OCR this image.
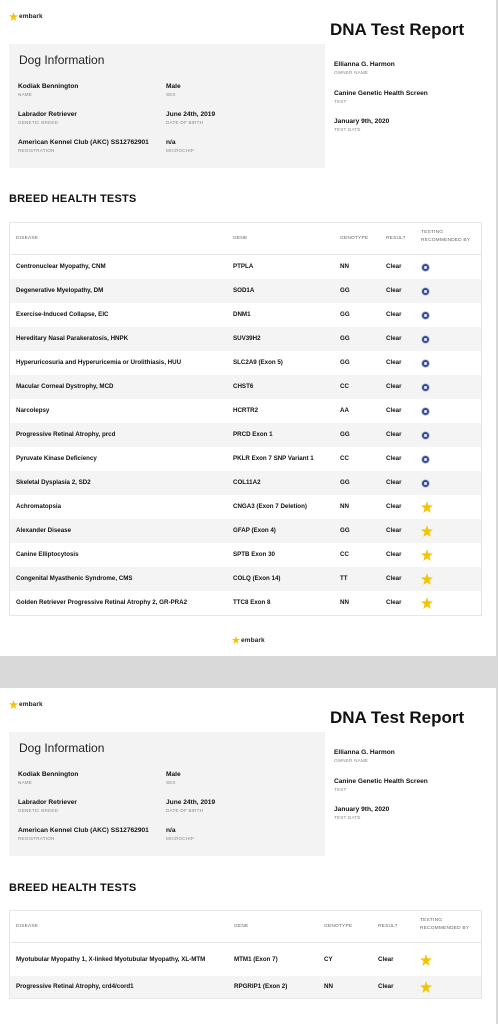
embark
DNA Test Report
Dog Information
Kodiak Bennington
NAME
Male
SEX
Labrador Retriever
GENETIC BREED
June 24th, 2019
DATE OF BIRTH
American Kennel Club (AKC) SS12762901
REGISTRATION
n/a
MICROCHIP
Ellianna G. Harmon
OWNER NAME
Canine Genetic Health Screen
TEST
January 9th, 2020
TEST DATE
BREED HEALTH TESTS
DISEASE	GENE	GENOTYPE	RESULT
TESTING
RECOMMENDED BY
Centronuclear Myopathy, CNM	PTPLA	NN	Clear
Degenerative Myelopathy, DM	SOD1A	GG	Clear
Exercise-Induced Collapse, EIC	DNM1	GG	Clear
Hereditary Nasal Parakeratosis, HNPK	SUV39H2	GG	Clear
Hyperuricosuria and Hyperuricemia or Urolithiasis, HUU	SLC2A9 (Exon 5)	GG	Clear
Macular Corneal Dystrophy, MCD	CHST6	CC	Clear
Narcolepsy	HCRTR2	AA	Clear
Progressive Retinal Atrophy, prcd	PRCD Exon 1	GG	Clear
Pyruvate Kinase Deficiency	PKLR Exon 7 SNP Variant 1	CC	Clear
Skeletal Dysplasia 2, SD2	COL11A2	GG	Clear
Achromatopsia	CNGA3 (Exon 7 Deletion)	NN	Clear
Alexander Disease	GFAP (Exon 4)	GG	Clear
Canine Elliptocytosis	SPTB Exon 30	CC	Clear
Congenital Myasthenic Syndrome, CMS	COLQ (Exon 14)	TT	Clear
Golden Retriever Progressive Retinal Atrophy 2, GR-PRA2	TTC8 Exon 8	NN	Clear
embark
embark
DNA Test Report
Dog Information
Kodiak Bennington
NAME
Male
SEX
Labrador Retriever
GENETIC BREED
June 24th, 2019
DATE OF BIRTH
American Kennel Club (AKC) SS12762901
REGISTRATION
n/a
MICROCHIP
Ellianna G. Harmon
OWNER NAME
Canine Genetic Health Screen
TEST
January 9th, 2020
TEST DATE
BREED HEALTH TESTS
DISEASE	GENE	GENOTYPE	RESULT
TESTING
RECOMMENDED BY
Myotubular Myopathy 1, X-linked Myotubular Myopathy, XL-MTM	MTM1 (Exon 7)	CY	Clear
Progressive Retinal Atrophy, crd4/cord1	RPGRIP1 (Exon 2)	NN	Clear
